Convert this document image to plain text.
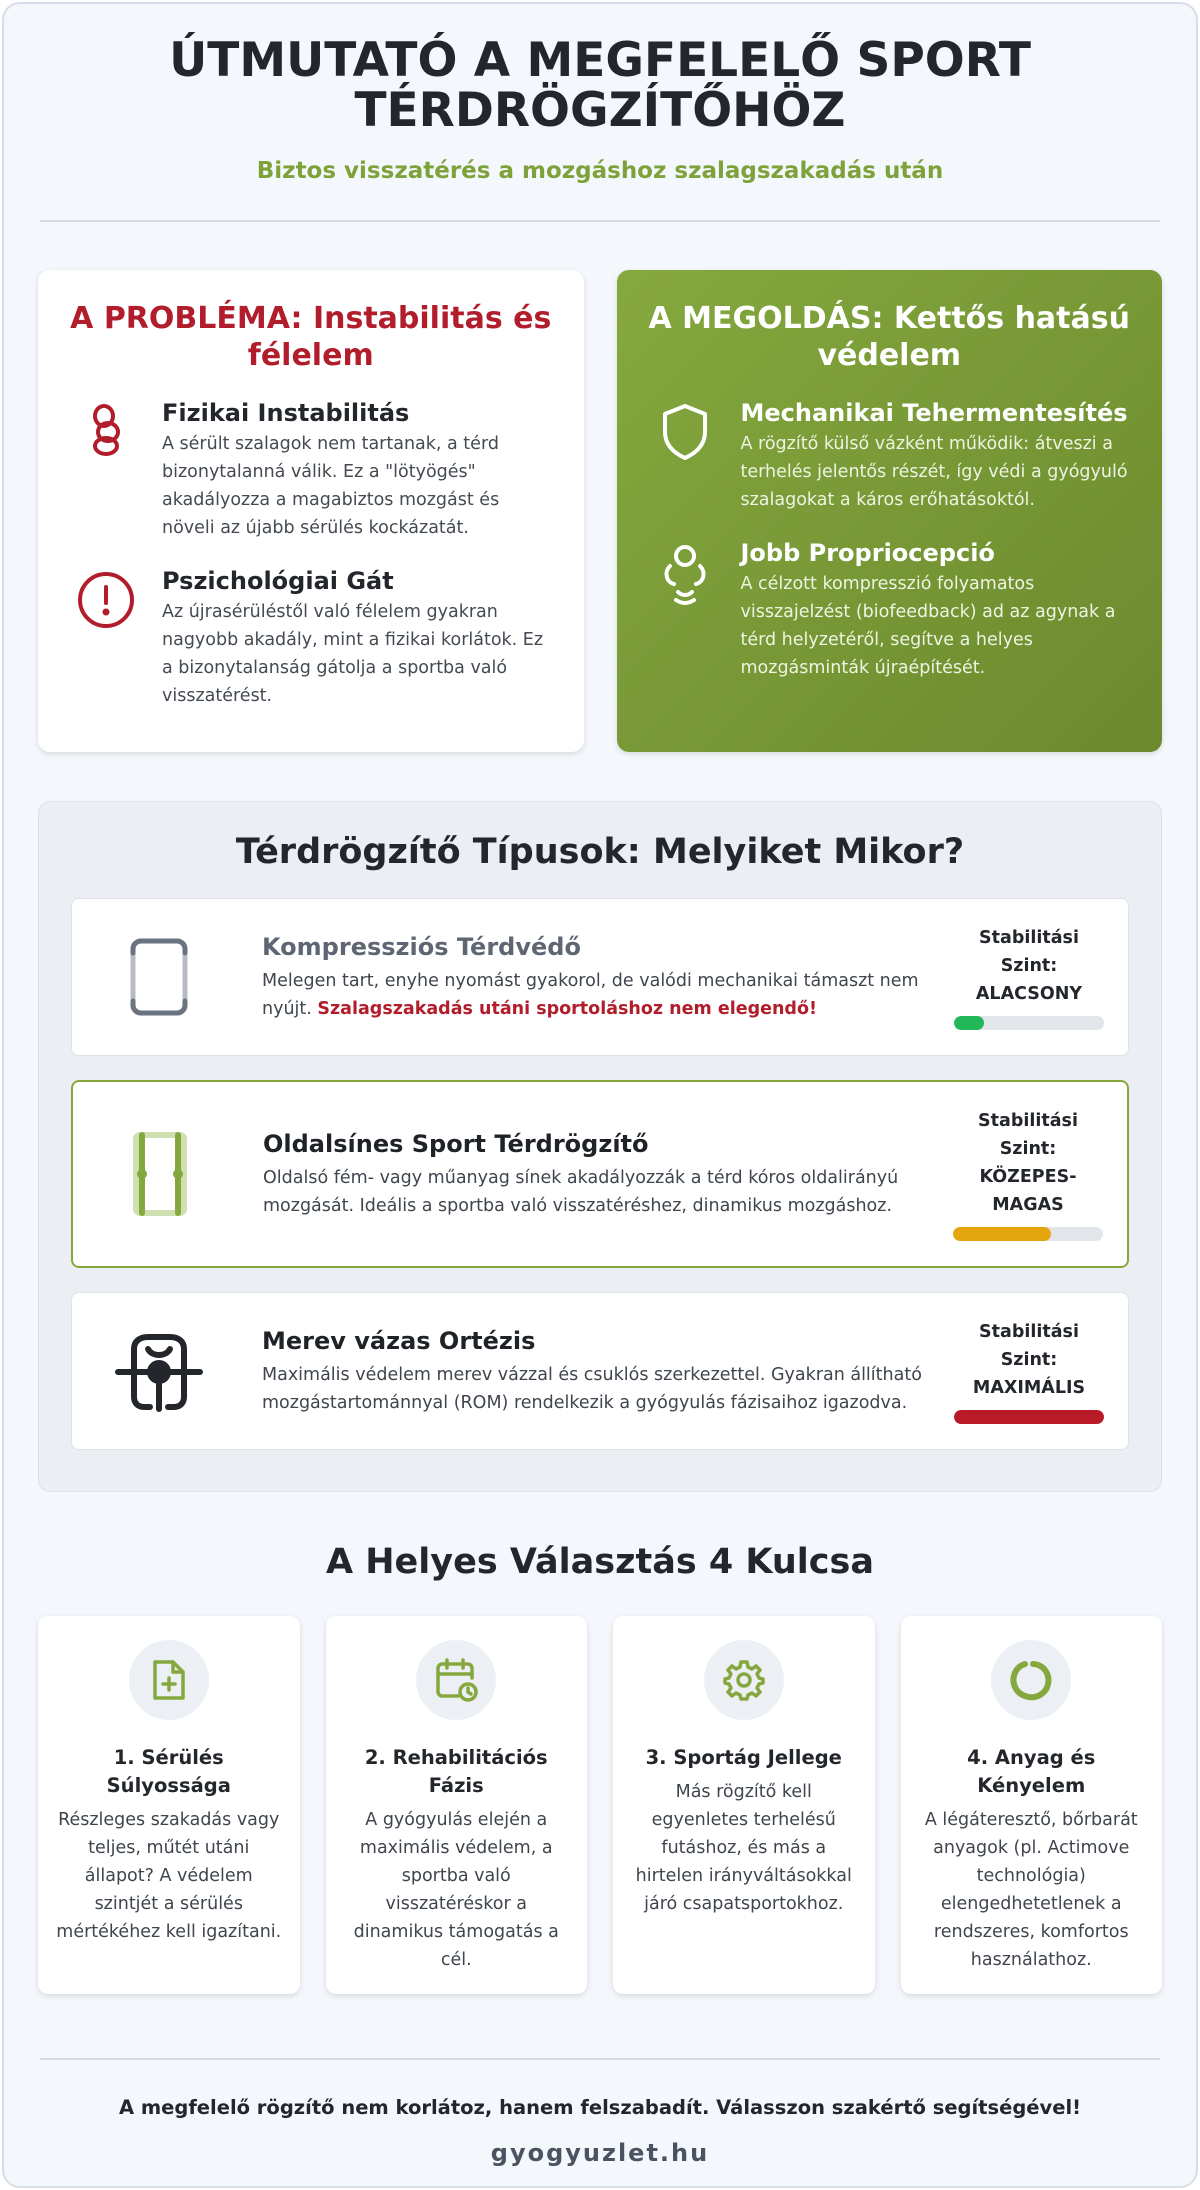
ÚTMUTATÓ A MEGFELELŐ SPORT TÉRDRÖGZÍTŐHÖZ
Biztos visszatérés a mozgáshoz szalagszakadás után
A PROBLÉMA: Instabilitás és félelem
Fizikai Instabilitás
A sérült szalagok nem tartanak, a térd bizonytalanná válik. Ez a "lötyögés" akadályozza a magabiztos mozgást és növeli az újabb sérülés kockázatát.
Pszichológiai Gát
Az újrasérüléstől való félelem gyakran nagyobb akadály, mint a fizikai korlátok. Ez a bizonytalanság gátolja a sportba való visszatérést.
A MEGOLDÁS: Kettős hatású védelem
Mechanikai Tehermentesítés
A rögzítő külső vázként működik: átveszi a terhelés jelentős részét, így védi a gyógyuló szalagokat a káros erőhatásoktól.
Jobb Propriocepció
A célzott kompresszió folyamatos visszajelzést (biofeedback) ad az agynak a térd helyzetéről, segítve a helyes mozgásminták újraépítését.
Térdrögzítő Típusok: Melyiket Mikor?
Kompressziós Térdvédő
Melegen tart, enyhe nyomást gyakorol, de valódi mechanikai támaszt nem nyújt. Szalagszakadás utáni sportoláshoz nem elegendő!
Stabilitási Szint:
ALACSONY
Oldalsínes Sport Térdrögzítő
Oldalsó fém- vagy műanyag sínek akadályozzák a térd kóros oldalirányú mozgását. Ideális a sportba való visszatéréshez, dinamikus mozgáshoz.
Stabilitási Szint:
KÖZEPES-MAGAS
Merev vázas Ortézis
Maximális védelem merev vázzal és csuklós szerkezettel. Gyakran állítható mozgástartománnyal (ROM) rendelkezik a gyógyulás fázisaihoz igazodva.
Stabilitási Szint:
MAXIMÁLIS
A Helyes Választás 4 Kulcsa
1. Sérülés Súlyossága
Részleges szakadás vagy teljes, műtét utáni állapot? A védelem szintjét a sérülés mértékéhez kell igazítani.
2. Rehabilitációs Fázis
A gyógyulás elején a maximális védelem, a sportba való visszatéréskor a dinamikus támogatás a cél.
3. Sportág Jellege
Más rögzítő kell egyenletes terhelésű futáshoz, és más a hirtelen irányváltásokkal járó csapatsportokhoz.
4. Anyag és Kényelem
A légáteresztő, bőrbarát anyagok (pl. Actimove technológia) elengedhetetlenek a rendszeres, komfortos használathoz.
A megfelelő rögzítő nem korlátoz, hanem felszabadít. Válasszon szakértő segítségével!
gyogyuzlet.hu
